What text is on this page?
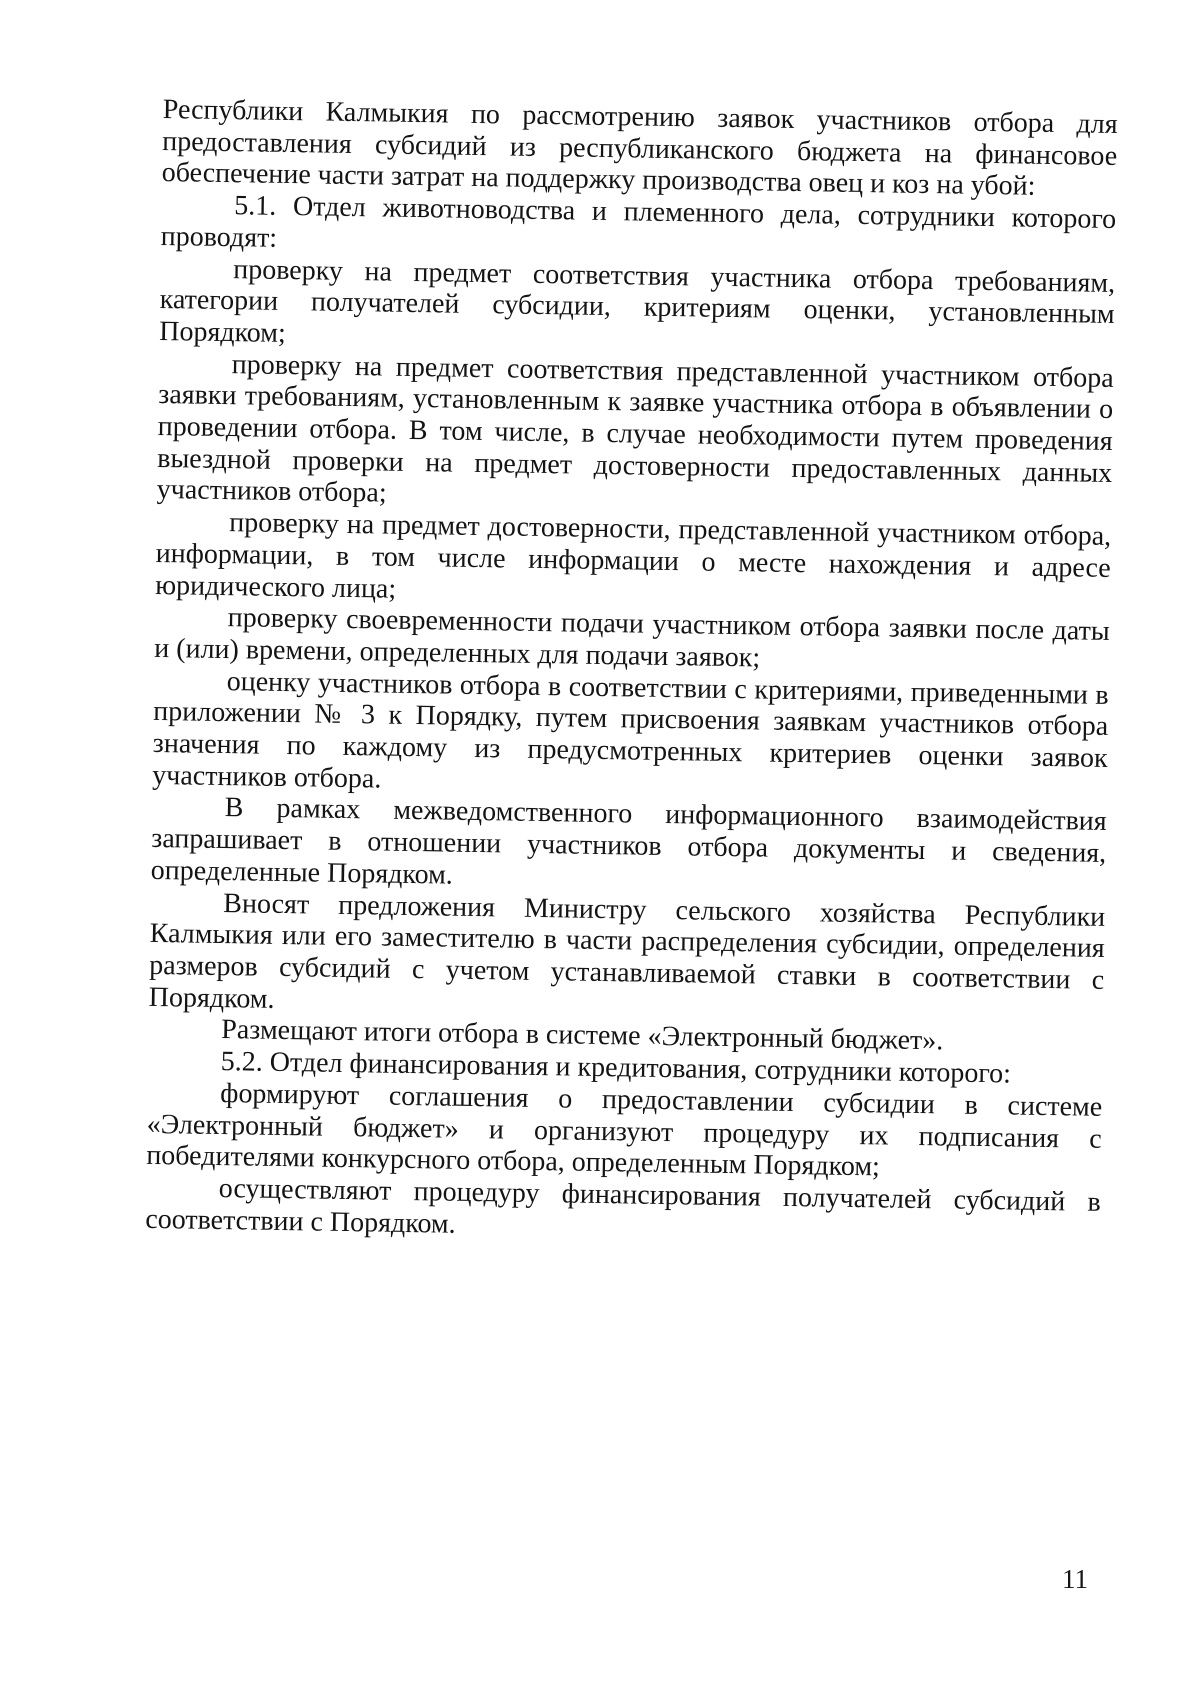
Республики Калмыкия по рассмотрению заявок участников отбора для предоставления субсидий из республиканского бюджета на финансовое обеспечение части затрат на поддержку производства овец и коз на убой:

5.1. Отдел животноводства и племенного дела, сотрудники которого проводят:

проверку на предмет соответствия участника отбора требованиям, категории получателей субсидии, критериям оценки, установленным Порядком;

проверку на предмет соответствия представленной участником отбора заявки требованиям, установленным к заявке участника отбора в объявлении о проведении отбора. В том числе, в случае необходимости путем проведения выездной проверки на предмет достоверности предоставленных данных участников отбора;

проверку на предмет достоверности, представленной участником отбора, информации, в том числе информации о месте нахождения и адресе юридического лица;

проверку своевременности подачи участником отбора заявки после даты и (или) времени, определенных для подачи заявок;

оценку участников отбора в соответствии с критериями, приведенными в приложении № 3 к Порядку, путем присвоения заявкам участников отбора значения по каждому из предусмотренных критериев оценки заявок участников отбора.

В рамках межведомственного информационного взаимодействия запрашивает в отношении участников отбора документы и сведения, определенные Порядком.

Вносят предложения Министру сельского хозяйства Республики Калмыкия или его заместителю в части распределения субсидии, определения размеров субсидий с учетом устанавливаемой ставки в соответствии с Порядком.

Размещают итоги отбора в системе «Электронный бюджет».

5.2. Отдел финансирования и кредитования, сотрудники которого:

формируют соглашения о предоставлении субсидии в системе «Электронный бюджет» и организуют процедуру их подписания с победителями конкурсного отбора, определенным Порядком;

осуществляют процедуру финансирования получателей субсидий в соответствии с Порядком.

11
